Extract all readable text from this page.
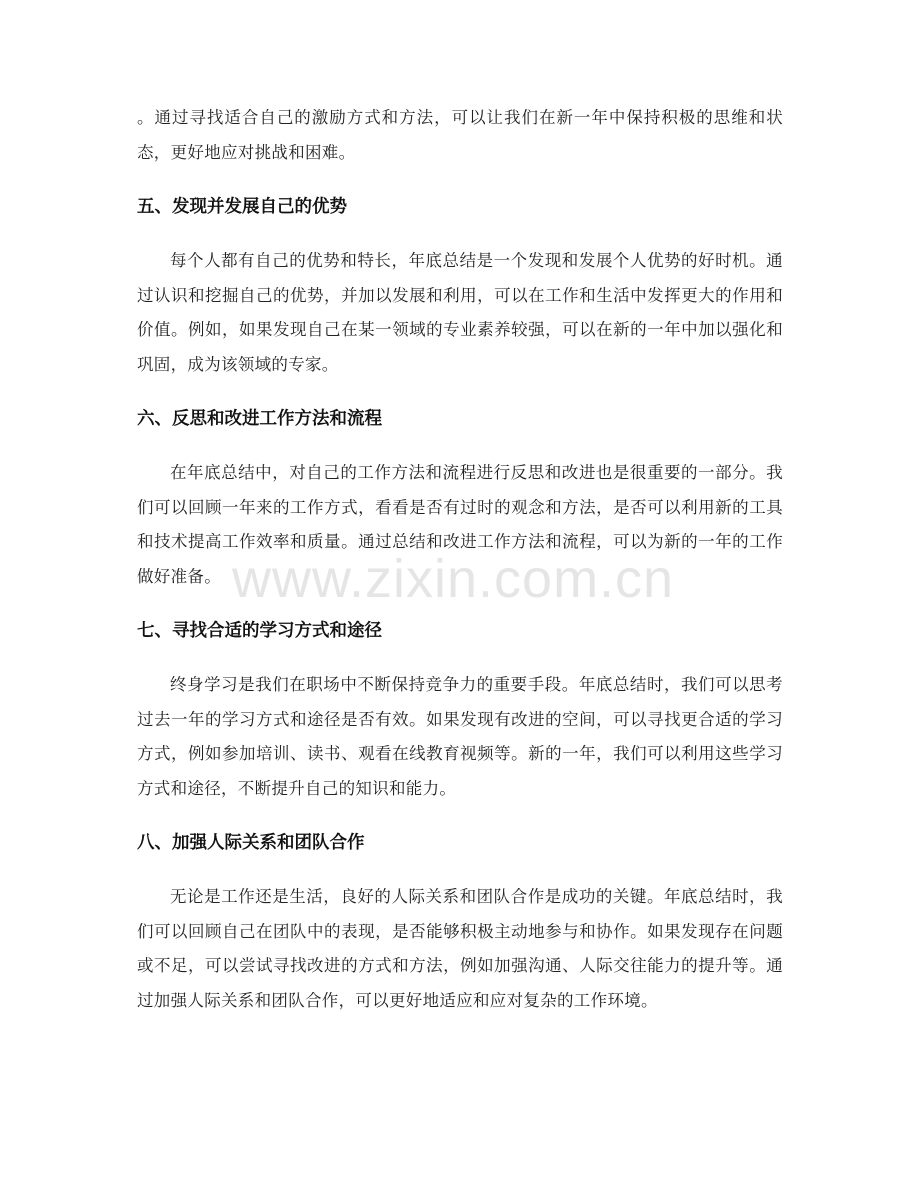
。通过寻找适合自己的激励方式和方法，可以让我们在新一年中保持积极的思维和状态，更好地应对挑战和困难。

五、发现并发展自己的优势

每个人都有自己的优势和特长，年底总结是一个发现和发展个人优势的好时机。通过认识和挖掘自己的优势，并加以发展和利用，可以在工作和生活中发挥更大的作用和价值。例如，如果发现自己在某一领域的专业素养较强，可以在新的一年中加以强化和巩固，成为该领域的专家。

六、反思和改进工作方法和流程

在年底总结中，对自己的工作方法和流程进行反思和改进也是很重要的一部分。我们可以回顾一年来的工作方式，看看是否有过时的观念和方法，是否可以利用新的工具和技术提高工作效率和质量。通过总结和改进工作方法和流程，可以为新的一年的工作做好准备。

七、寻找合适的学习方式和途径

终身学习是我们在职场中不断保持竞争力的重要手段。年底总结时，我们可以思考过去一年的学习方式和途径是否有效。如果发现有改进的空间，可以寻找更合适的学习方式，例如参加培训、读书、观看在线教育视频等。新的一年，我们可以利用这些学习方式和途径，不断提升自己的知识和能力。

八、加强人际关系和团队合作

无论是工作还是生活，良好的人际关系和团队合作是成功的关键。年底总结时，我们可以回顾自己在团队中的表现，是否能够积极主动地参与和协作。如果发现存在问题或不足，可以尝试寻找改进的方式和方法，例如加强沟通、人际交往能力的提升等。通过加强人际关系和团队合作，可以更好地适应和应对复杂的工作环境。

www.zixin.com.cn
